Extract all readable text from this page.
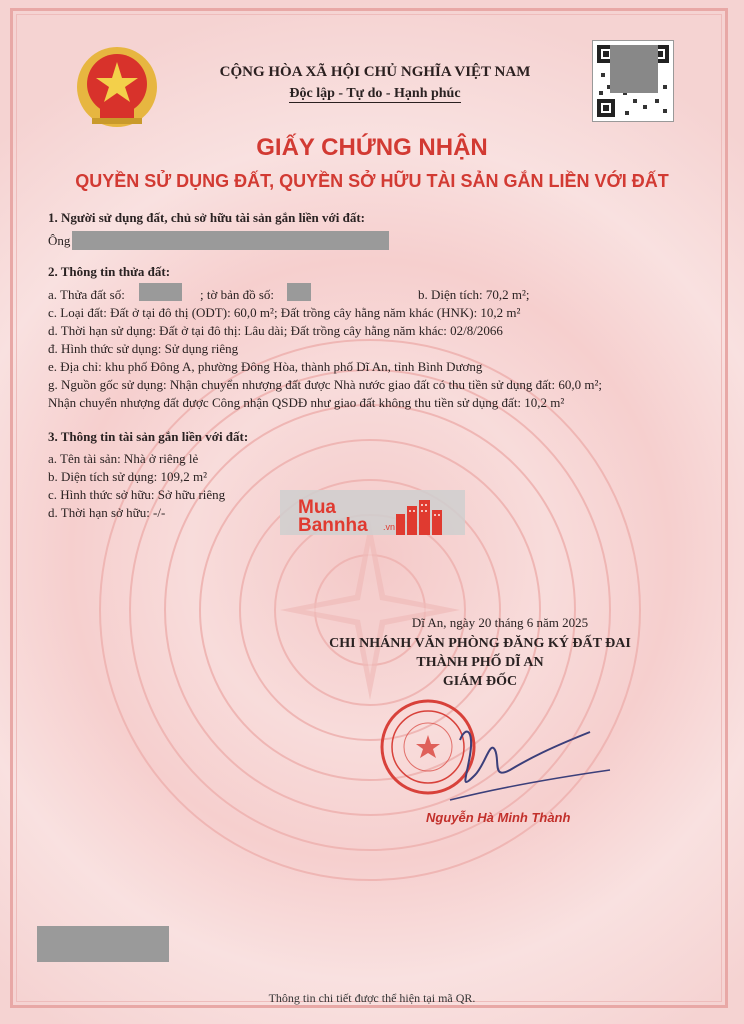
CỘNG HÒA XÃ HỘI CHỦ NGHĨA VIỆT NAM
Độc lập - Tự do - Hạnh phúc
GIẤY CHỨNG NHẬN
QUYỀN SỬ DỤNG ĐẤT, QUYỀN SỞ HỮU TÀI SẢN GẮN LIỀN VỚI ĐẤT
1. Người sử dụng đất, chủ sở hữu tài sản gắn liền với đất:
Ông
2. Thông tin thửa đất:
a. Thửa đất số:	; tờ bản đồ số:	b. Diện tích: 70,2 m²;
c. Loại đất: Đất ở tại đô thị (ODT): 60,0 m²; Đất trồng cây hằng năm khác (HNK): 10,2 m²
d. Thời hạn sử dụng: Đất ở tại đô thị: Lâu dài; Đất trồng cây hằng năm khác: 02/8/2066
đ. Hình thức sử dụng: Sử dụng riêng
e. Địa chỉ: khu phố Đông A, phường Đông Hòa, thành phố Dĩ An, tỉnh Bình Dương
g. Nguồn gốc sử dụng: Nhận chuyển nhượng đất được Nhà nước giao đất có thu tiền sử dụng đất: 60,0 m²;
Nhận chuyển nhượng đất được Công nhận QSDĐ như giao đất không thu tiền sử dụng đất: 10,2 m²
3. Thông tin tài sản gắn liền với đất:
a. Tên tài sản: Nhà ở riêng lẻ
b. Diện tích sử dụng: 109,2 m²
c. Hình thức sở hữu: Sở hữu riêng
d. Thời hạn sở hữu: -/-	Mua
Bannha .vn
Dĩ An, ngày 20 tháng 6 năm 2025
CHI NHÁNH VĂN PHÒNG ĐĂNG KÝ ĐẤT ĐAI
THÀNH PHỐ DĨ AN
GIÁM ĐỐC
Nguyễn Hà Minh Thành
Thông tin chi tiết được thể hiện tại mã QR.
